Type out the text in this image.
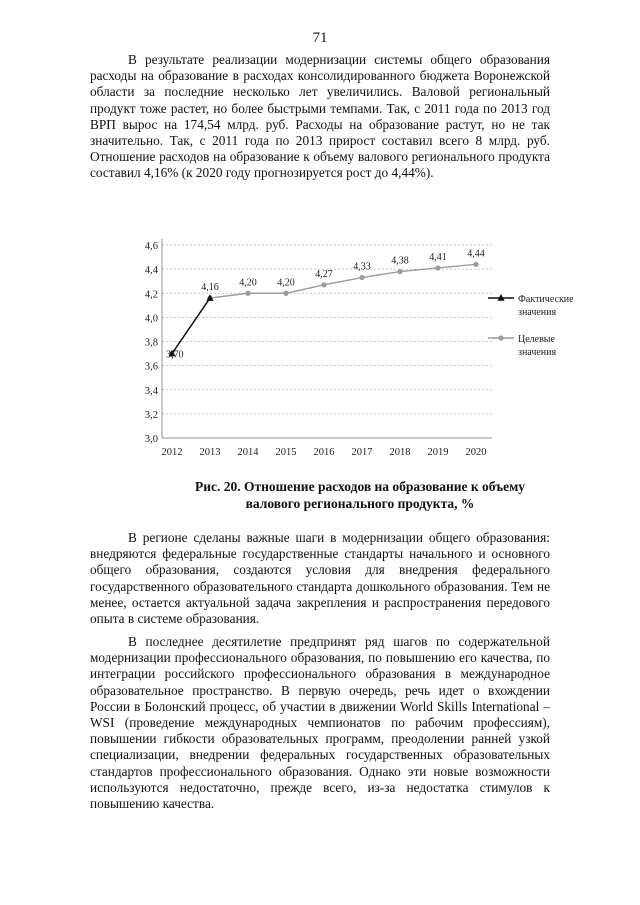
71

В результате реализации модернизации системы общего образования расходы на образование в расходах консолидированного бюджета Воронежской области за последние несколько лет увеличились. Валовой региональный продукт тоже растет, но более быстрыми темпами. Так, с 2011 года по 2013 год ВРП вырос на 174,54 млрд. руб. Расходы на образование растут, но не так значительно. Так, с 2011 года по 2013 прирост составил всего 8 млрд. руб. Отношение расходов на образование к объему валового регионального продукта составил 4,16% (к 2020 году прогнозируется рост до 4,44%).

3,0
3,2
3,4
3,6
3,8
4,0
4,2
4,4
4,6
2012 2013 2014 2015 2016 2017 2018 2019 2020
3,70
4,16 4,20 4,20
4,27
4,33
4,38 4,41 4,44
Фактические
значения
Целевые
значения
Рис. 20. Отношение расходов на образование к объему
валового регионального продукта, %

В регионе сделаны важные шаги в модернизации общего образования: внедряются федеральные государственные стандарты начального и основного общего образования, создаются условия для внедрения федерального государственного образовательного стандарта дошкольного образования. Тем не менее, остается актуальной задача закрепления и распространения передового опыта в системе образования.

В последнее десятилетие предпринят ряд шагов по содержательной модернизации профессионального образования, по повышению его качества, по интеграции российского профессионального образования в международное образовательное пространство. В первую очередь, речь идет о вхождении России в Болонский процесс, об участии в движении World Skills International – WSI (проведение международных чемпионатов по рабочим профессиям), повышении гибкости образовательных программ, преодолении ранней узкой специализации, внедрении федеральных государственных образовательных стандартов профессионального образования. Однако эти новые возможности используются недостаточно, прежде всего, из-за недостатка стимулов к повышению качества.
